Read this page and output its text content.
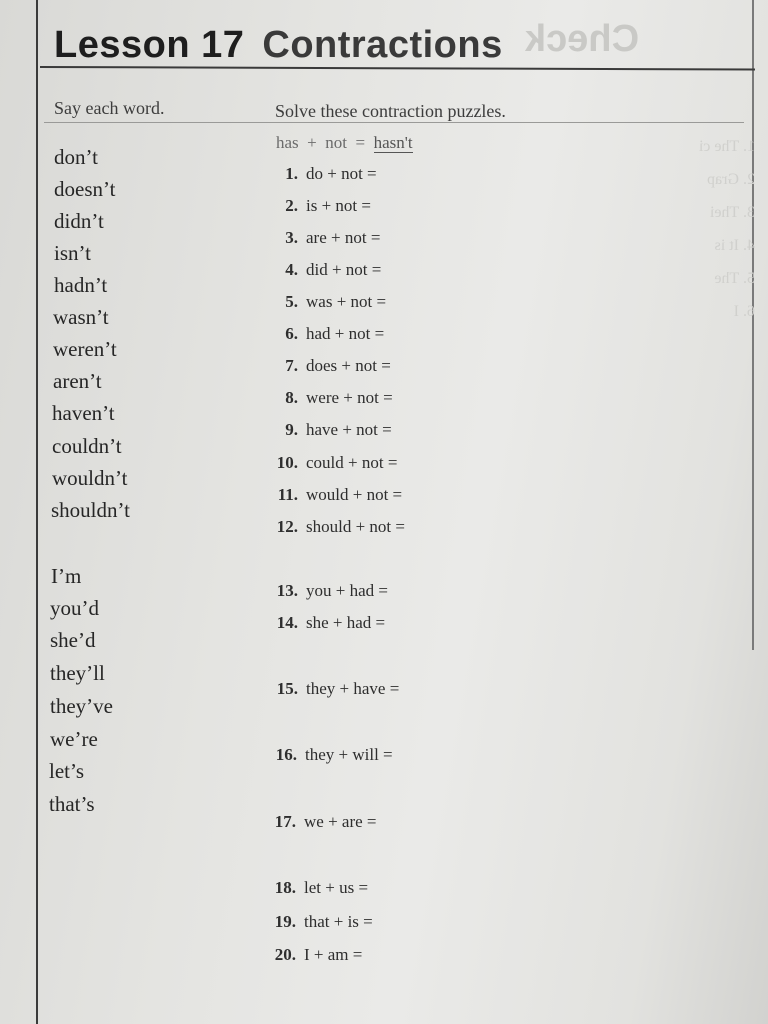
Check
1. The ci
2. Grap
3. Thei
4. It is
5. The
6. I
Lesson 17 Contractions
Say each word.	Solve these contraction puzzles.
has + not = hasn't
don’t
doesn’t
didn’t
isn’t
hadn’t
wasn’t
weren’t
aren’t
haven’t
couldn’t
wouldn’t
shouldn’t
I’m
you’d
she’d
they’ll
they’ve
we’re
let’s
that’s
1. do + not =
2. is + not =
3. are + not =
4. did + not =
5. was + not =
6. had + not =
7. does + not =
8. were + not =
9. have + not =
10. could + not =
11. would + not =
12. should + not =
13. you + had =
14. she + had =
15. they + have =
16. they + will =
17. we + are =
18. let + us =
19. that + is =
20. I + am =
